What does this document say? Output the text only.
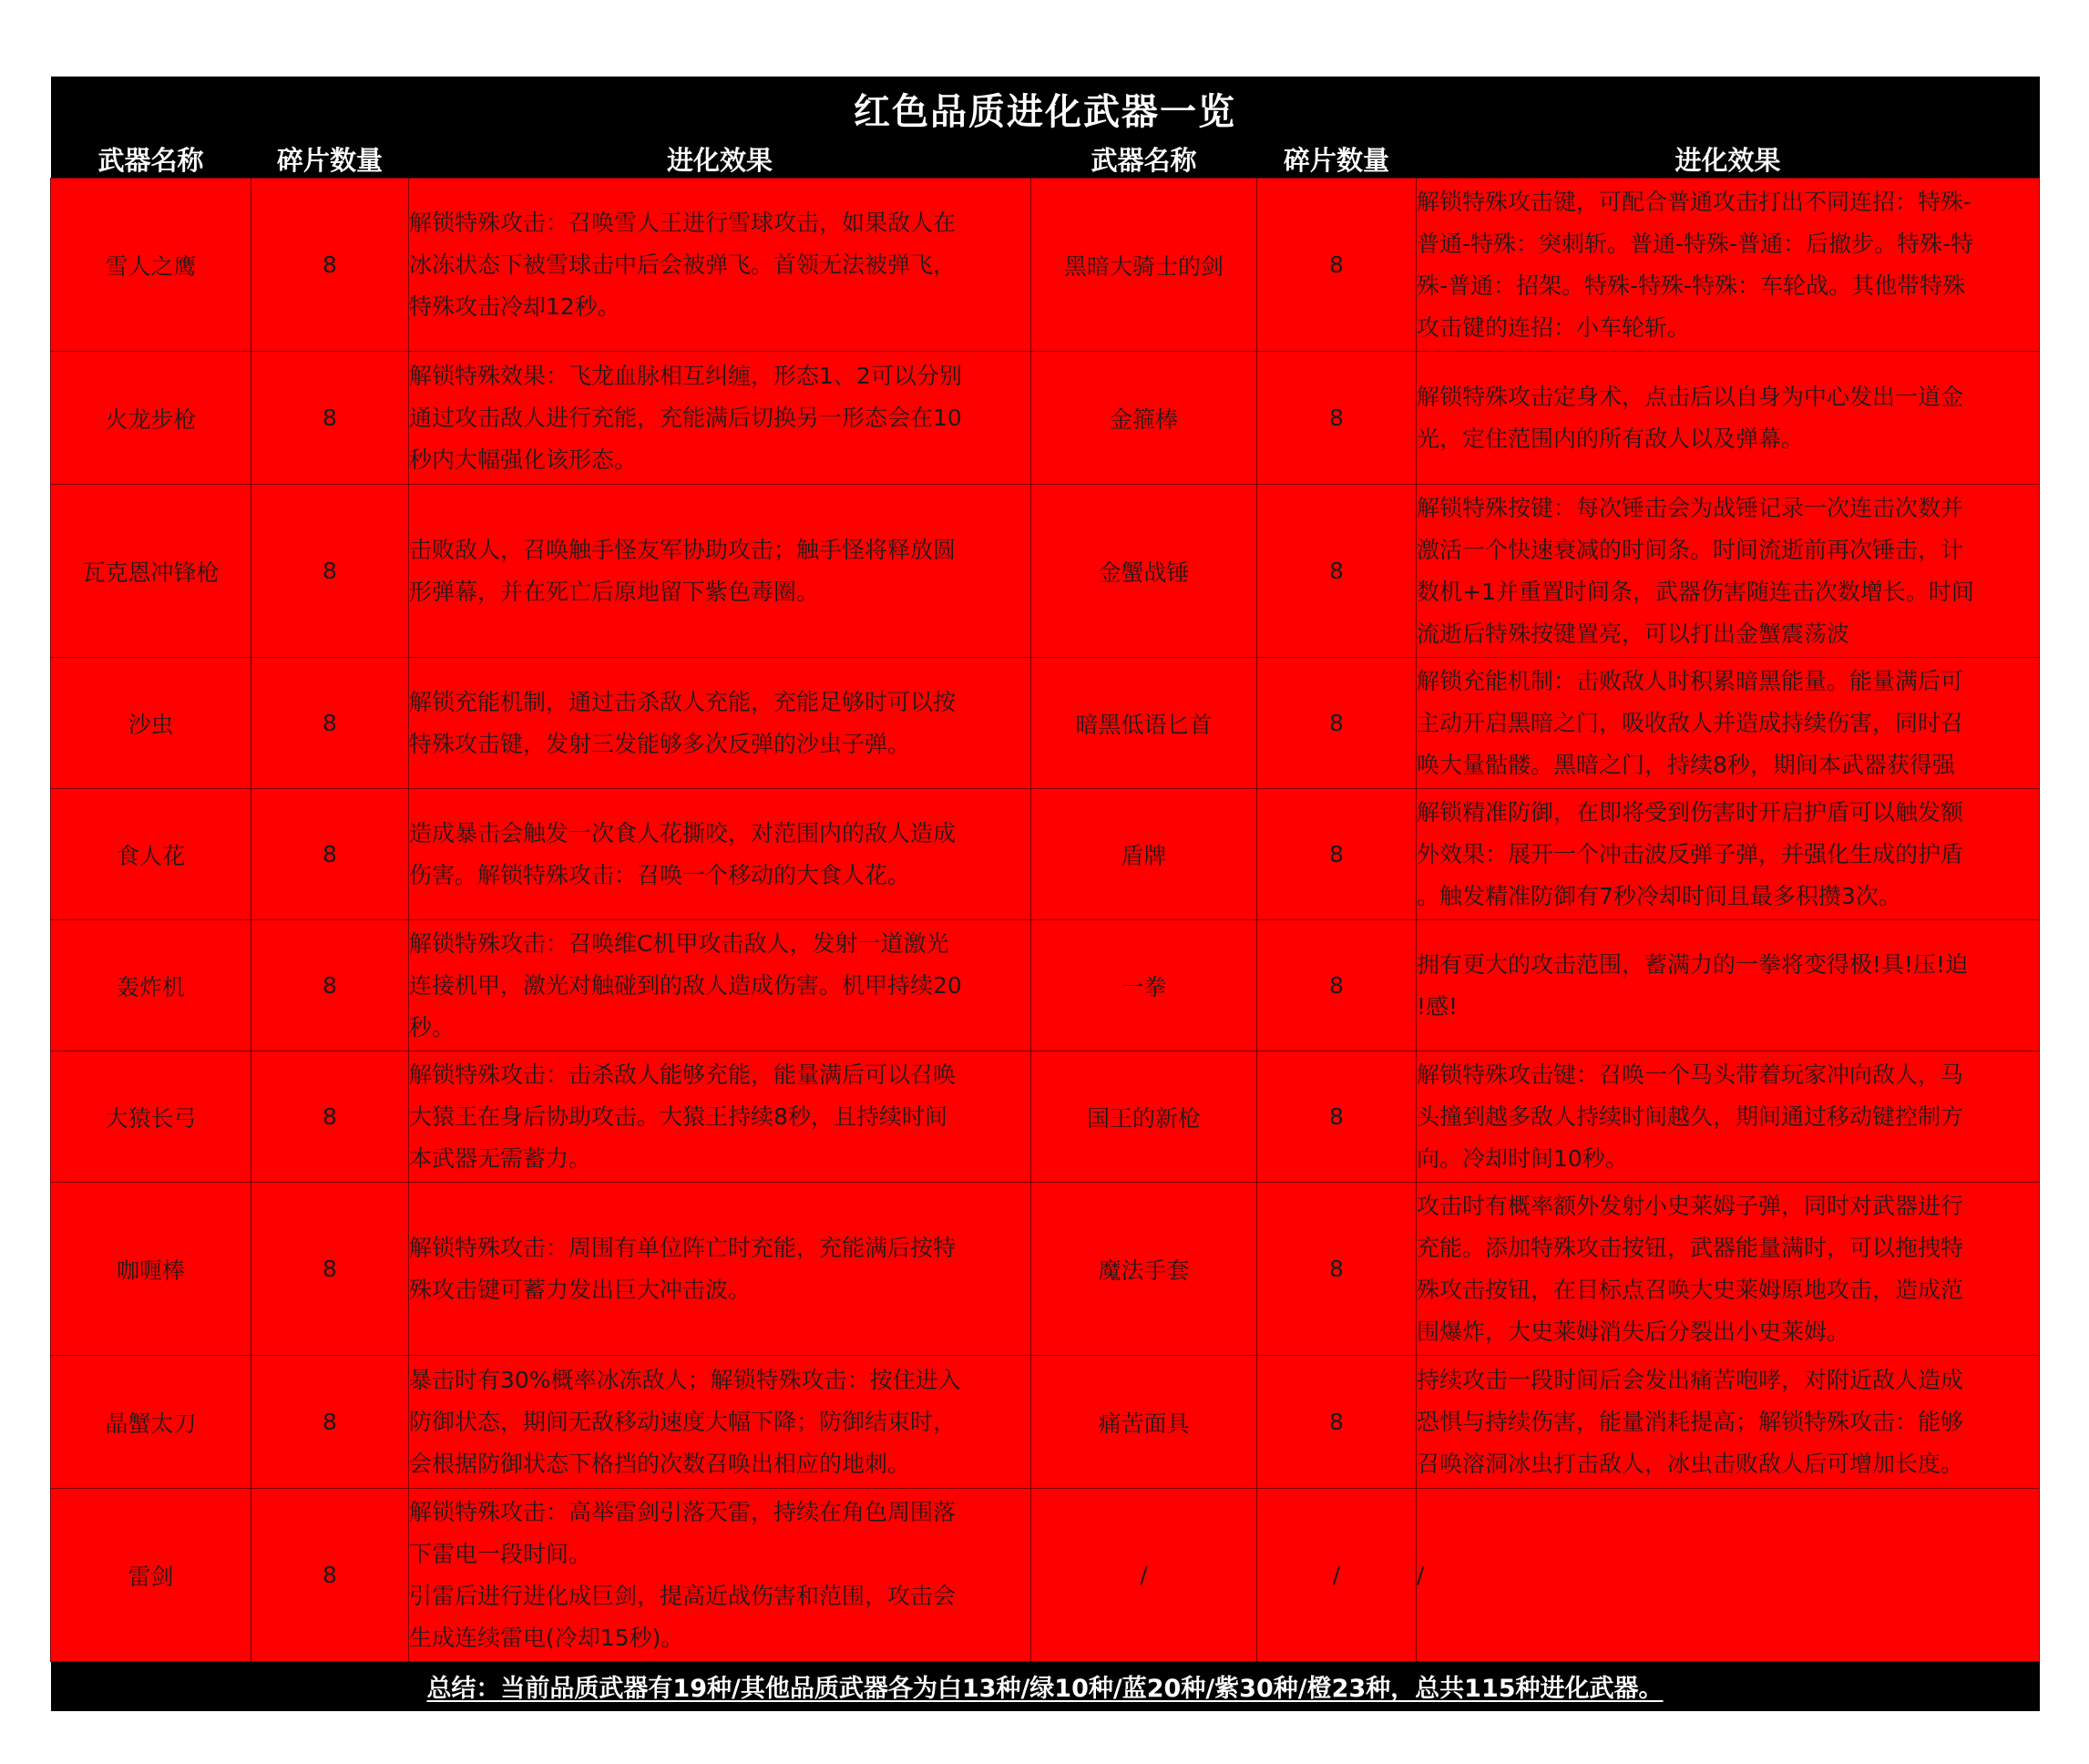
红色品质进化武器一览					
武器名称	碎片数量	进化效果	武器名称	碎片数量	进化效果
雪人之鹰	8	解锁特殊攻击：召唤雪人王进行雪球攻击，如果敌人在
冰冻状态下被雪球击中后会被弹飞。首领无法被弹飞，
特殊攻击冷却12秒。	黑暗大骑士的剑	8	解锁特殊攻击键，可配合普通攻击打出不同连招：特殊-
普通-特殊：突刺斩。普通-特殊-普通：后撤步。特殊-特
殊-普通：招架。特殊-特殊-特殊：车轮战。其他带特殊
攻击键的连招：小车轮斩。

火龙步枪	8	解锁特殊效果：飞龙血脉相互纠缠，形态1、2可以分别
通过攻击敌人进行充能，充能满后切换另一形态会在10
秒内大幅强化该形态。	金箍棒	8	解锁特殊攻击定身术，点击后以自身为中心发出一道金
光，定住范围内的所有敌人以及弹幕。

瓦克恩冲锋枪	8	击败敌人，召唤触手怪友军协助攻击；触手怪将释放圆
形弹幕，并在死亡后原地留下紫色毒圈。	金蟹战锤	8	解锁特殊按键：每次锤击会为战锤记录一次连击次数并
激活一个快速衰减的时间条。时间流逝前再次锤击，计
数机+1并重置时间条，武器伤害随连击次数增长。时间
流逝后特殊按键置亮，可以打出金蟹震荡波

沙虫	8	解锁充能机制，通过击杀敌人充能，充能足够时可以按
特殊攻击键，发射三发能够多次反弹的沙虫子弹。	暗黑低语匕首	8	解锁充能机制：击败敌人时积累暗黑能量。能量满后可
主动开启黑暗之门，吸收敌人并造成持续伤害，同时召
唤大量骷髅。黑暗之门，持续8秒，期间本武器获得强

食人花	8	造成暴击会触发一次食人花撕咬，对范围内的敌人造成
伤害。解锁特殊攻击：召唤一个移动的大食人花。	盾牌	8	解锁精准防御，在即将受到伤害时开启护盾可以触发额
外效果：展开一个冲击波反弹子弹，并强化生成的护盾
。触发精准防御有7秒冷却时间且最多积攒3次。

轰炸机	8	解锁特殊攻击：召唤维C机甲攻击敌人，发射一道激光
连接机甲，激光对触碰到的敌人造成伤害。机甲持续20
秒。	一拳	8	拥有更大的攻击范围，蓄满力的一拳将变得极!具!压!迫
!感!

大猿长弓	8	解锁特殊攻击：击杀敌人能够充能，能量满后可以召唤
大猿王在身后协助攻击。大猿王持续8秒，且持续时间
本武器无需蓄力。	国王的新枪	8	解锁特殊攻击键：召唤一个马头带着玩家冲向敌人，马
头撞到越多敌人持续时间越久，期间通过移动键控制方
向。冷却时间10秒。

咖喱棒	8	解锁特殊攻击：周围有单位阵亡时充能，充能满后按特
殊攻击键可蓄力发出巨大冲击波。	魔法手套	8	攻击时有概率额外发射小史莱姆子弹，同时对武器进行
充能。添加特殊攻击按钮，武器能量满时，可以拖拽特
殊攻击按钮，在目标点召唤大史莱姆原地攻击，造成范
围爆炸，大史莱姆消失后分裂出小史莱姆。

晶蟹太刀	8	暴击时有30%概率冰冻敌人；解锁特殊攻击：按住进入
防御状态，期间无敌移动速度大幅下降；防御结束时，
会根据防御状态下格挡的次数召唤出相应的地刺。	痛苦面具	8	持续攻击一段时间后会发出痛苦咆哮，对附近敌人造成
恐惧与持续伤害，能量消耗提高；解锁特殊攻击：能够
召唤溶洞冰虫打击敌人，冰虫击败敌人后可增加长度。

雷剑	8	解锁特殊攻击：高举雷剑引落天雷，持续在角色周围落
下雷电一段时间。
引雷后进行进化成巨剑，提高近战伤害和范围，攻击会
生成连续雷电(冷却15秒)。	/	/	/

总结：当前品质武器有19种/其他品质武器各为白13种/绿10种/蓝20种/紫30种/橙23种，总共115种进化武器。					
